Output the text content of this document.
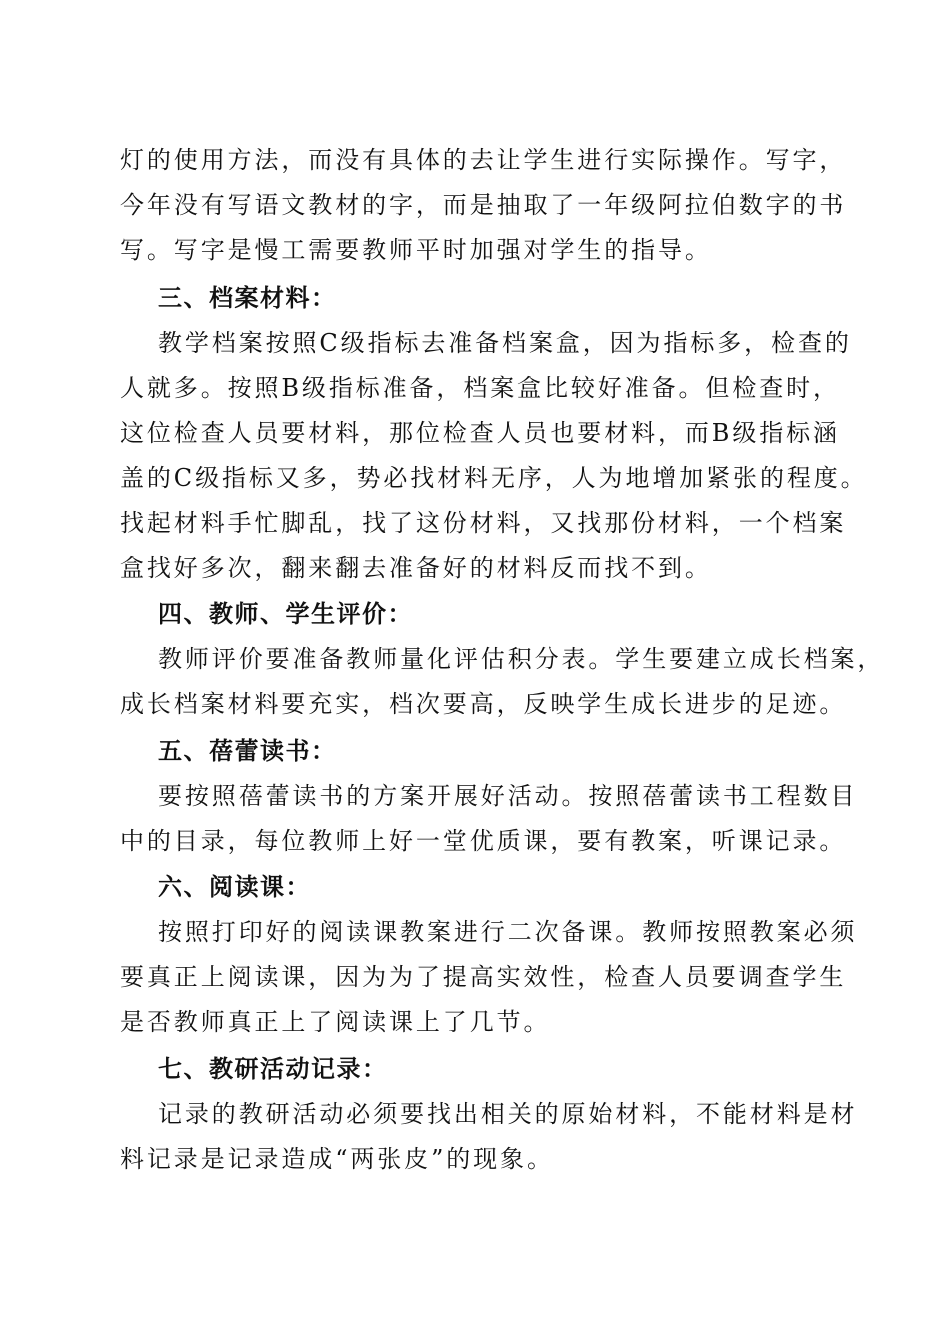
灯的使用方法，而没有具体的去让学生进行实际操作。写字，
今年没有写语文教材的字，而是抽取了一年级阿拉伯数字的书
写。写字是慢工需要教师平时加强对学生的指导。
三、档案材料：
教学档案按照C级指标去准备档案盒，因为指标多，检查的
人就多。按照B级指标准备，档案盒比较好准备。但检查时，
这位检查人员要材料，那位检查人员也要材料，而B级指标涵
盖的C级指标又多，势必找材料无序，人为地增加紧张的程度。
找起材料手忙脚乱，找了这份材料，又找那份材料，一个档案
盒找好多次，翻来翻去准备好的材料反而找不到。
四、教师、学生评价：
教师评价要准备教师量化评估积分表。学生要建立成长档案，
成长档案材料要充实，档次要高，反映学生成长进步的足迹。
五、蓓蕾读书：
要按照蓓蕾读书的方案开展好活动。按照蓓蕾读书工程数目
中的目录，每位教师上好一堂优质课，要有教案，听课记录。
六、阅读课：
按照打印好的阅读课教案进行二次备课。教师按照教案必须
要真正上阅读课，因为为了提高实效性，检查人员要调查学生
是否教师真正上了阅读课上了几节。
七、教研活动记录：
记录的教研活动必须要找出相关的原始材料，不能材料是材
料记录是记录造成“两张皮”的现象。
